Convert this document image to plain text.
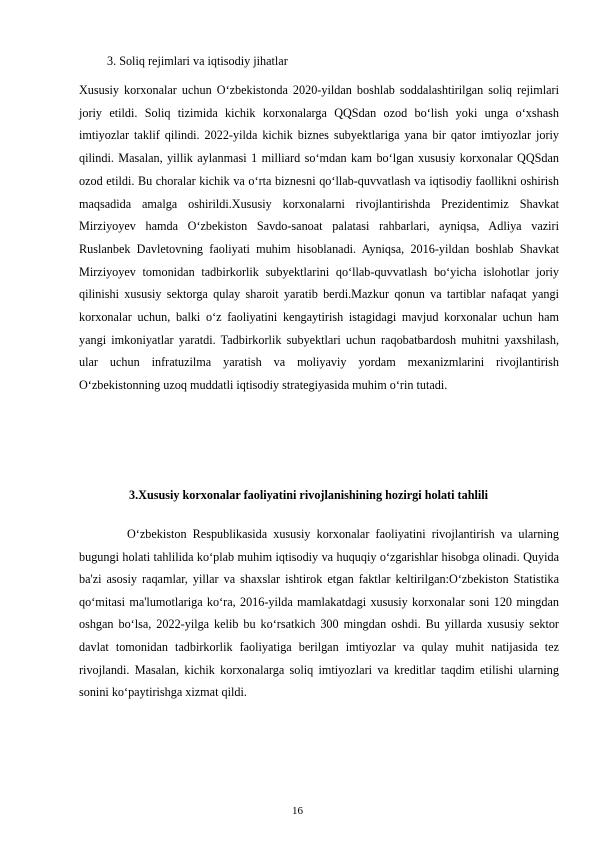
3. Soliq rejimlari va iqtisodiy jihatlar

Xususiy korxonalar uchun O‘zbekistonda 2020-yildan boshlab soddalashtirilgan soliq rejimlari joriy etildi. Soliq tizimida kichik korxonalarga QQSdan ozod bo‘lish yoki unga o‘xshash imtiyozlar taklif qilindi. 2022-yilda kichik biznes subyektlariga yana bir qator imtiyozlar joriy qilindi. Masalan, yillik aylanmasi 1 milliard so‘mdan kam bo‘lgan xususiy korxonalar QQSdan ozod etildi. Bu choralar kichik va o‘rta biznesni qo‘llab-quvvatlash va iqtisodiy faollikni oshirish maqsadida amalga oshirildi.Xususiy korxonalarni rivojlantirishda Prezidentimiz Shavkat Mirziyoyev hamda O‘zbekiston Savdo-sanoat palatasi rahbarlari, ayniqsa, Adliya vaziri Ruslanbek Davletovning faoliyati muhim hisoblanadi. Ayniqsa, 2016-yildan boshlab Shavkat Mirziyoyev tomonidan tadbirkorlik subyektlarini qo‘llab-quvvatlash bo‘yicha islohotlar joriy qilinishi xususiy sektorga qulay sharoit yaratib berdi.Mazkur qonun va tartiblar nafaqat yangi korxonalar uchun, balki o‘z faoliyatini kengaytirish istagidagi mavjud korxonalar uchun ham yangi imkoniyatlar yaratdi. Tadbirkorlik subyektlari uchun raqobatbardosh muhitni yaxshilash, ular uchun infratuzilma yaratish va moliyaviy yordam mexanizmlarini rivojlantirish O‘zbekistonning uzoq muddatli iqtisodiy strategiyasida muhim o‘rin tutadi.

3.Xususiy korxonalar faoliyatini rivojlanishining hozirgi holati tahlili

O‘zbekiston Respublikasida xususiy korxonalar faoliyatini rivojlantirish va ularning bugungi holati tahlilida ko‘plab muhim iqtisodiy va huquqiy o‘zgarishlar hisobga olinadi. Quyida ba'zi asosiy raqamlar, yillar va shaxslar ishtirok etgan faktlar keltirilgan:O‘zbekiston Statistika qo‘mitasi ma'lumotlariga ko‘ra, 2016-yilda mamlakatdagi xususiy korxonalar soni 120 mingdan oshgan bo‘lsa, 2022-yilga kelib bu ko‘rsatkich 300 mingdan oshdi. Bu yillarda xususiy sektor davlat tomonidan tadbirkorlik faoliyatiga berilgan imtiyozlar va qulay muhit natijasida tez rivojlandi. Masalan, kichik korxonalarga soliq imtiyozlari va kreditlar taqdim etilishi ularning sonini ko‘paytirishga xizmat qildi.

16
